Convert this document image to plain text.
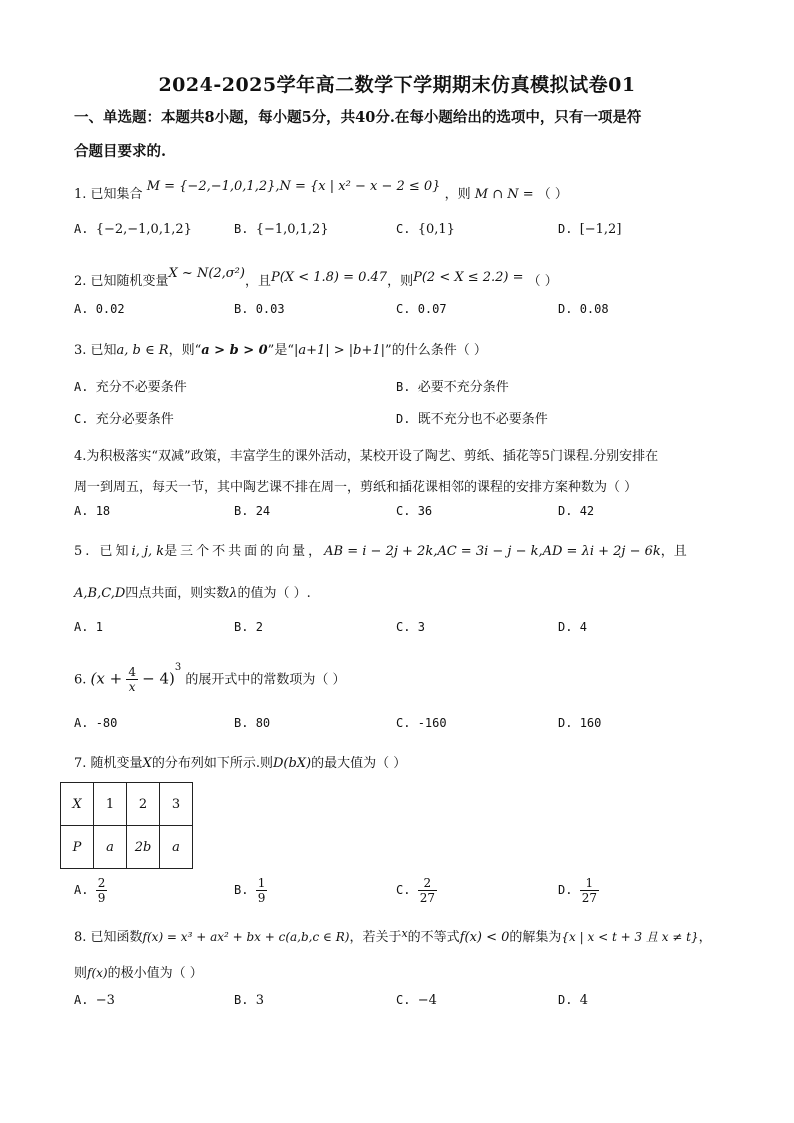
2024-2025学年高二数学下学期期末仿真模拟试卷01
一、单选题：本题共8小题，每小题5分，共40分.在每小题给出的选项中，只有一项是符
合题目要求的.
1. 已知集合 M = {−2,−1,0,1,2},N = {x | x² − x − 2 ≤ 0} ，则 M ∩ N = （ ）
A. {−2,−1,0,1,2}	B. {−1,0,1,2}	C. {0,1}	D. [−1,2]
2. 已知随机变量X ~ N(2,σ²)，且P(X < 1.8) = 0.47，则P(2 < X ≤ 2.2) = （ ）
A. 0.02	B. 0.03	C. 0.07	D. 0.08
3. 已知a, b ∈ R，则“a > b > 0”是“|a+1| > |b+1|”的什么条件（ ）
A. 充分不必要条件	B. 必要不充分条件
C. 充分必要条件	D. 既不充分也不必要条件
4.为积极落实“双减”政策，丰富学生的课外活动，某校开设了陶艺、剪纸、插花等5门课程.分别安排在
周一到周五，每天一节，其中陶艺课不排在周一，剪纸和插花课相邻的课程的安排方案种数为（ ）
A. 18	B. 24	C. 36	D. 42
5. 已知i, j, k是三个不共面的向量，AB = i − 2j + 2k,AC = 3i − j − k,AD = λi + 2j − 6k，且
A,B,C,D四点共面，则实数λ的值为（ ）.
A. 1	B. 2	C. 3	D. 4
6. $(x + \frac{4}{x} - 4)^3$ 的展开式中的常数项为（ ）
A. -80	B. 80	C. -160	D. 160
7. 随机变量X的分布列如下所示.则D(bX)的最大值为（ ）
X	1	2	3
P	a	2b	a
A. $\frac{2}{9}$	B. $\frac{1}{9}$	C. $\frac{2}{27}$	D. $\frac{1}{27}$
8. 已知函数f(x) = x³ + ax² + bx + c(a,b,c ∈ R)，若关于$^x$的不等式f(x) < 0的解集为{x | x < t + 3 且 x ≠ t}，
则f(x)的极小值为（ ）
A. −3	B. 3	C. −4	D. 4
